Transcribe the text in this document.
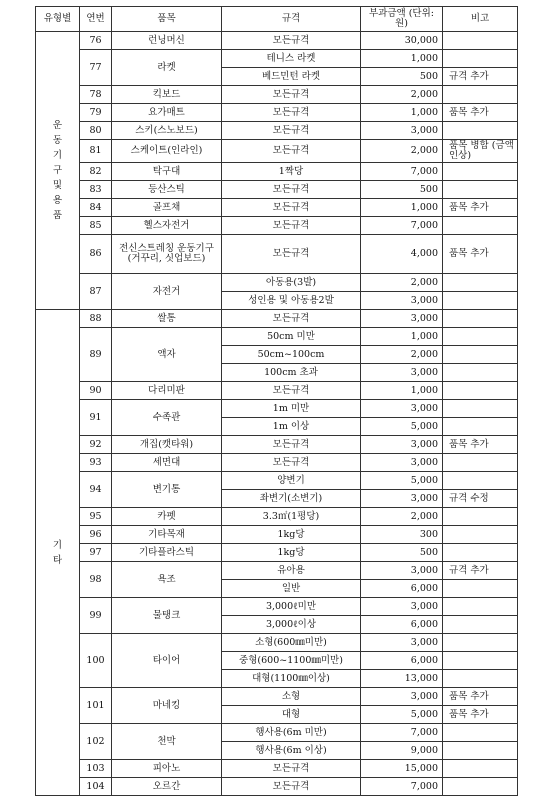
유형별	연번	품목	규격	부과금액 (단위:원)	비고
운동기구 및 용품	76	런닝머신	모든규격	30,000	
	77	라켓	테니스 라켓	1,000	
			베드민턴 라켓	500	규격 추가
	78	킥보드	모든규격	2,000	
	79	요가매트	모든규격	1,000	품목 추가
	80	스키(스노보드)	모든규격	3,000	
	81	스케이트(인라인)	모든규격	2,000	품목 병합 (금액인상)
	82	탁구대	1짝당	7,000	
	83	등산스틱	모든규격	500	
	84	골프채	모든규격	1,000	품목 추가
	85	헬스자전거	모든규격	7,000	
	86	전신스트레칭 운동기구(거꾸리, 싯업보드)	모든규격	4,000	품목 추가
	87	자전거	아동용(3발)	2,000	
			성인용 및 아동용2발	3,000	
기타	88	쌀통	모든규격	3,000	
	89	액자	50cm 미만	1,000	
			50cm~100cm	2,000	
			100cm 초과	3,000	
	90	다리미판	모든규격	1,000	
	91	수족관	1m 미만	3,000	
			1m 이상	5,000	
	92	개집(캣타워)	모든규격	3,000	품목 추가
	93	세면대	모든규격	3,000	
	94	변기통	양변기	5,000	
			좌변기(소변기)	3,000	규격 수정
	95	카펫	3.3㎡(1평당)	2,000	
	96	기타목재	1kg당	300	
	97	기타플라스틱	1kg당	500	
	98	욕조	유아용	3,000	규격 추가
			일반	6,000	
	99	물탱크	3,000ℓ미만	3,000	
			3,000ℓ이상	6,000	
	100	타이어	소형(600㎜미만)	3,000	
			중형(600~1100㎜미만)	6,000	
			대형(1100㎜이상)	13,000	
	101	마네킹	소형	3,000	품목 추가
			대형	5,000	품목 추가
	102	천막	행사용(6m 미만)	7,000	
			행사용(6m 이상)	9,000	
	103	피아노	모든규격	15,000	
	104	오르간	모든규격	7,000	
